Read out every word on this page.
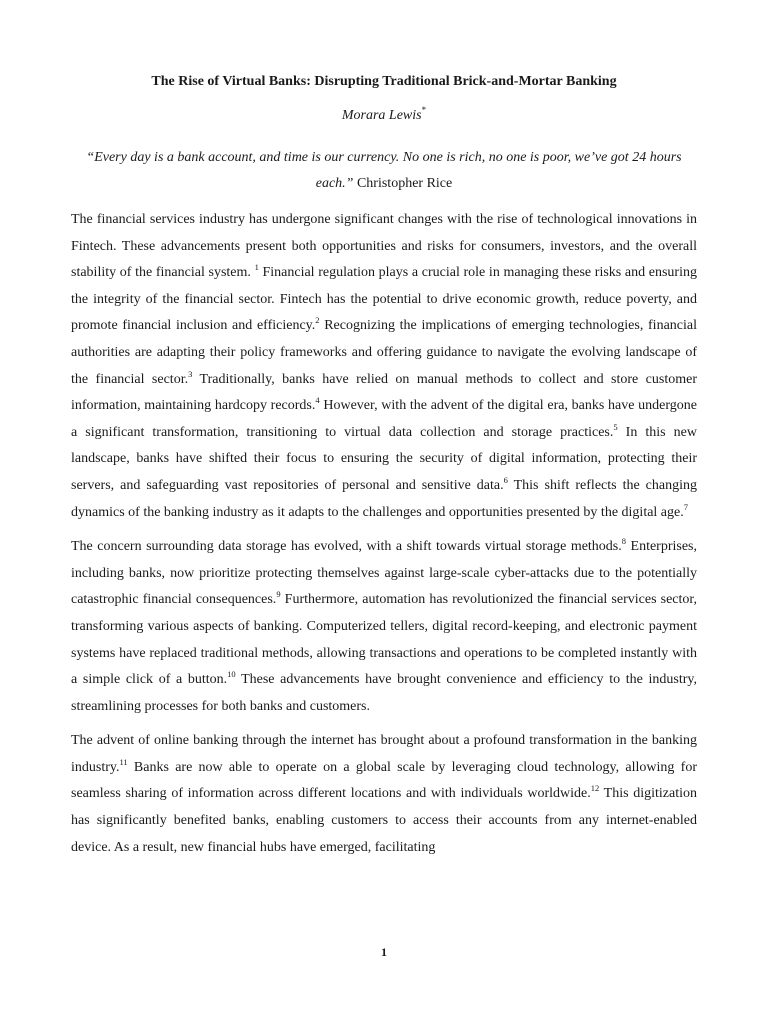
The Rise of Virtual Banks: Disrupting Traditional Brick-and-Mortar Banking
Morara Lewis*
“Every day is a bank account, and time is our currency. No one is rich, no one is poor, we’ve got 24 hours each.” Christopher Rice

The financial services industry has undergone significant changes with the rise of technological innovations in Fintech. These advancements present both opportunities and risks for consumers, investors, and the overall stability of the financial system. $^1$ Financial regulation plays a crucial role in managing these risks and ensuring the integrity of the financial sector. Fintech has the potential to drive economic growth, reduce poverty, and promote financial inclusion and efficiency.$^2$ Recognizing the implications of emerging technologies, financial authorities are adapting their policy frameworks and offering guidance to navigate the evolving landscape of the financial sector.$^3$ Traditionally, banks have relied on manual methods to collect and store customer information, maintaining hardcopy records.$^4$ However, with the advent of the digital era, banks have undergone a significant transformation, transitioning to virtual data collection and storage practices.$^5$ In this new landscape, banks have shifted their focus to ensuring the security of digital information, protecting their servers, and safeguarding vast repositories of personal and sensitive data.$^6$ This shift reflects the changing dynamics of the banking industry as it adapts to the challenges and opportunities presented by the digital age.$^7$

The concern surrounding data storage has evolved, with a shift towards virtual storage methods.$^8$ Enterprises, including banks, now prioritize protecting themselves against large-scale cyber-attacks due to the potentially catastrophic financial consequences.$^9$ Furthermore, automation has revolutionized the financial services sector, transforming various aspects of banking. Computerized tellers, digital record-keeping, and electronic payment systems have replaced traditional methods, allowing transactions and operations to be completed instantly with a simple click of a button.$^{10}$ These advancements have brought convenience and efficiency to the industry, streamlining processes for both banks and customers.

The advent of online banking through the internet has brought about a profound transformation in the banking industry.$^{11}$ Banks are now able to operate on a global scale by leveraging cloud technology, allowing for seamless sharing of information across different locations and with individuals worldwide.$^{12}$ This digitization has significantly benefited banks, enabling customers to access their accounts from any internet-enabled device. As a result, new financial hubs have emerged, facilitating

1
